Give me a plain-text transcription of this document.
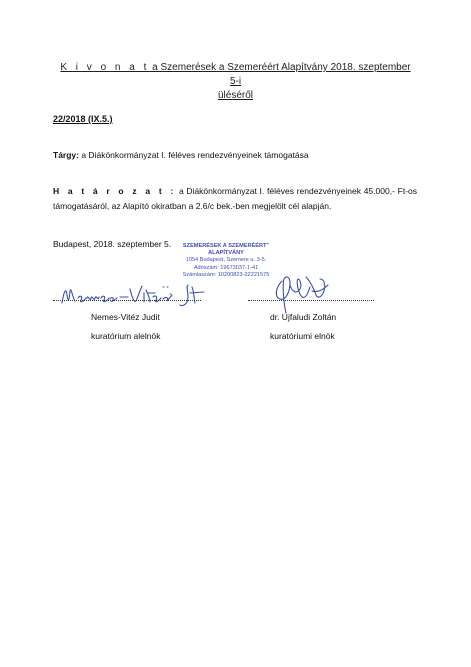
K i v o n a t a Szemerések a Szemeréért Alapítvány 2018. szeptember 5-i
üléséről
22/2018 (IX.5.)
Tárgy: a Diákönkormányzat I. féléves rendezvényeinek támogatása
H a t á r o z a t : a Diákönkormányzat I. féléves rendezvényeinek 45.000,- Ft-os támogatásáról, az Alapító okiratban a 2.6/c bek.-ben megjelölt cél alapján.
Budapest, 2018. szeptember 5.	SZEMERÉSEK A SZEMERÉÉRT"
ALAPÍTVÁNY
1054 Budapest, Szemere u. 3-5.
Adószám: 19673037-1-41
Számlaszám: 10200823-22221575
Nemes-Vitéz Judit	dr. Ujfaludi Zoltán
kuratórium alelnök	kuratóriumi elnök
